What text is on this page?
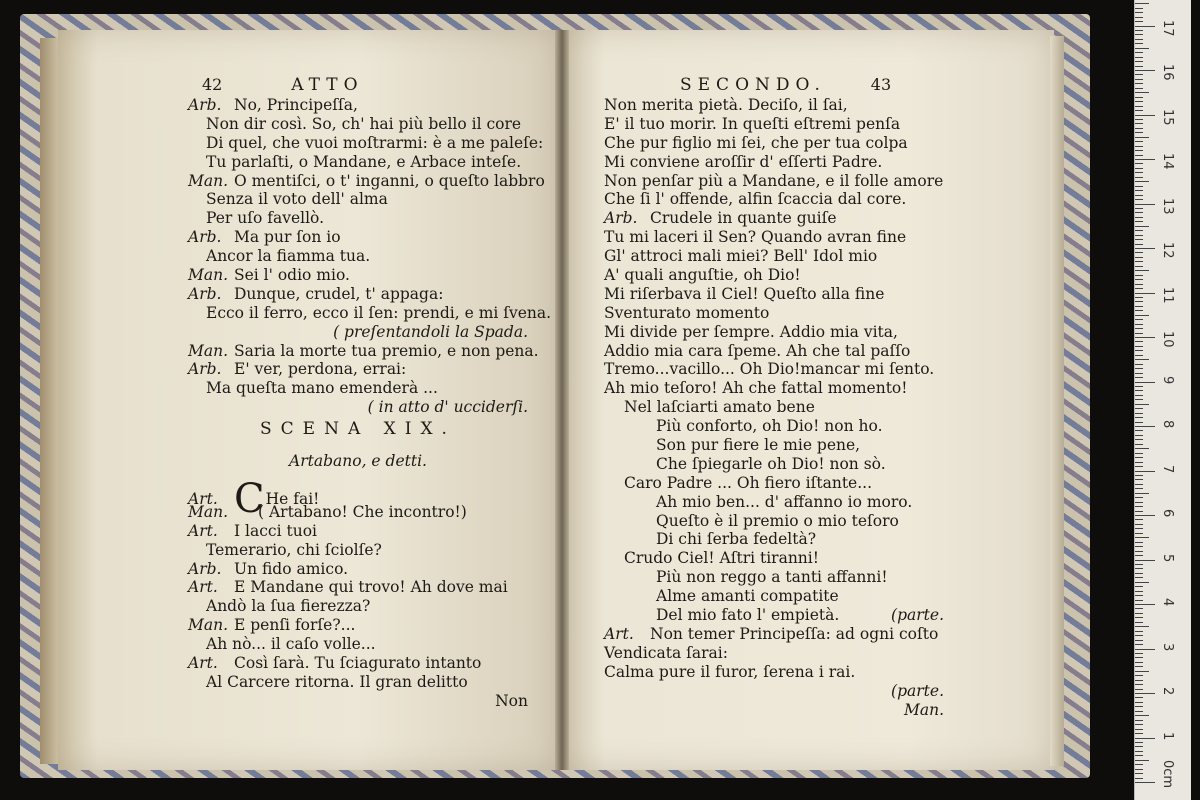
42	ATTO
Arb. No, Principeſſa,
Non dir così. So, ch' hai più bello il core
Di quel, che vuoi moſtrarmi: è a me paleſe:
Tu parlaſti, o Mandane, e Arbace inteſe.
Man. O mentiſci, o t' inganni, o queſto labbro
Senza il voto dell' alma
Per uſo favellò.
Arb. Ma pur ſon io
Ancor la fiamma tua.
Man. Sei l' odio mio.
Arb. Dunque, crudel, t' appaga:
Ecco il ferro, ecco il ſen: prendi, e mi ſvena.
( preſentandoli la Spada.
Man. Saria la morte tua premio, e non pena.
Arb. E' ver, perdona, errai:
Ma queſta mano emenderà ...
( in atto d' ucciderſi.
SCENA XIX.
Artabano, e detti.
Art. CHe fai!
Man. ( Artabano! Che incontro!)
Art. I lacci tuoi
Temerario, chi ſciolſe?
Arb. Un fido amico.
Art. E Mandane qui trovo! Ah dove mai
Andò la ſua fierezza?
Man. E penſi forſe?...
Ah nò... il caſo volle...
Art. Così ſarà. Tu ſciagurato intanto
Al Carcere ritorna. Il gran delitto
Non
SECONDO.	43
Non merita pietà. Deciſo, il ſai,
E' il tuo morir. In queſti eſtremi penſa
Che pur figlio mi ſei, che per tua colpa
Mi conviene aroſſir d' eſſerti Padre.
Non penſar più a Mandane, e il folle amore
Che ſi l' offende, alfin ſcaccia dal core.
Arb. Crudele in quante guiſe
Tu mi laceri il Sen? Quando avran fine
Gl' attroci mali miei? Bell' Idol mio
A' quali anguſtie, oh Dio!
Mi riſerbava il Ciel! Queſto alla fine
Sventurato momento
Mi divide per ſempre. Addio mia vita,
Addio mia cara ſpeme. Ah che tal paſſo
Tremo...vacillo... Oh Dio!mancar mi ſento.
Ah mio teſoro! Ah che fattal momento!
Nel laſciarti amato bene
Più conforto, oh Dio! non ho.
Son pur fiere le mie pene,
Che ſpiegarle oh Dio! non sò.
Caro Padre ... Oh fiero iſtante...
Ah mio ben... d' affanno io moro.
Queſto è il premio o mio teſoro
Di chi ſerba fedeltà?
Crudo Ciel! Aſtri tiranni!
Più non reggo a tanti affanni!
Alme amanti compatite
Del mio fato l' empietà.	(parte.
Art. Non temer Principeſſa: ad ogni coſto
Vendicata ſarai:
Calma pure il furor, ſerena i rai.
(parte.
Man.
0cm
1
2
3
4
5
6
7
8
9
10
11
12
13
14
15
16
17
